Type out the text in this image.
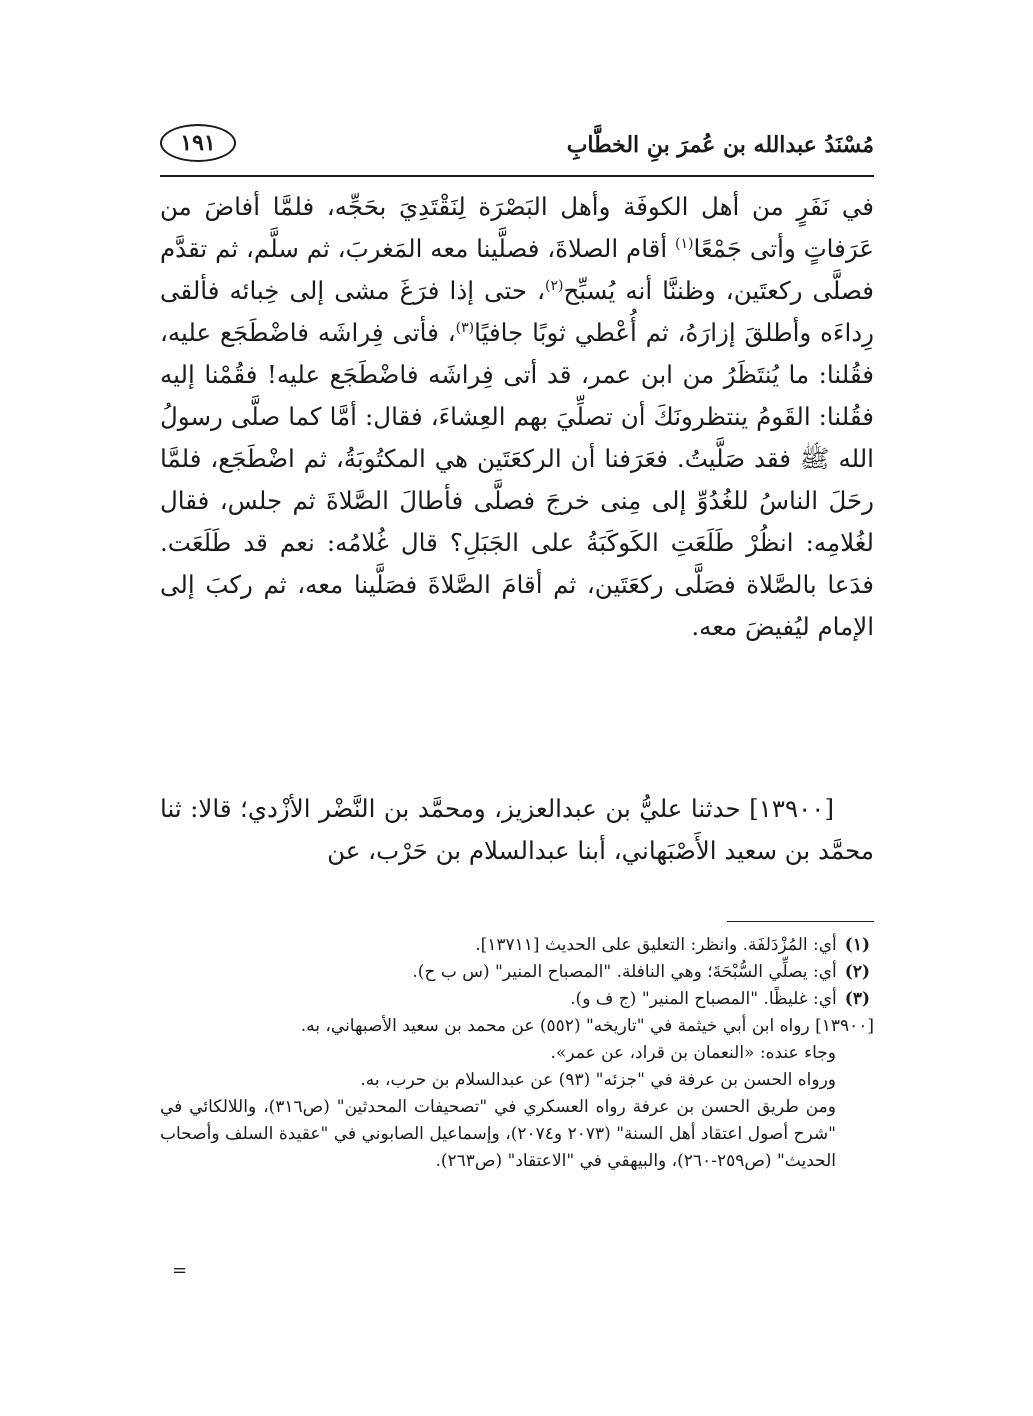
مُسْنَدُ عبدالله بن عُمرَ بنِ الخطَّابِ
١٩١

في نَفَرٍ من أهل الكوفَة وأهل البَصْرَة لِنَقْتَدِيَ بحَجِّه، فلمَّا أفاضَ من عَرَفاتٍ وأتى جَمْعًا$^{(١)}$ أقام الصلاةَ، فصلَّينا معه المَغربَ، ثم سلَّم، ثم تقدَّم فصلَّى ركعتَين، وظننَّا أنه يُسبِّح$^{(٢)}$، حتى إذا فرَغَ مشى إلى خِبائه فألقى رِداءَه وأطلقَ إزارَهُ، ثم أُعْطي ثوبًا جافيًا$^{(٣)}$، فأتى فِراشَه فاضْطَجَع عليه، فقُلنا: ما يُنتَظَرُ من ابن عمر، قد أتى فِراشَه فاضْطَجَع عليه! فقُمْنا إليه فقُلنا: القَومُ ينتظرونَكَ أن تصلِّيَ بهم العِشاءَ، فقال: أمَّا كما صلَّى رسولُ الله ﷺ فقد صَلَّيتُ. فعَرَفنا أن الركعَتَين هي المكتُوبَةُ، ثم اضْطَجَع، فلمَّا رحَلَ الناسُ للغُدُوِّ إلى مِنى خرجَ فصلَّى فأطالَ الصَّلاةَ ثم جلس، فقال لغُلامِه: انظُرْ طَلَعَتِ الكَوكَبَةُ على الجَبَلِ؟ قال غُلامُه: نعم قد طَلَعَت. فدَعا بالصَّلاة فصَلَّى ركعَتَين، ثم أقامَ الصَّلاةَ فصَلَّينا معه، ثم ركبَ إلى الإمام ليُفيضَ معه.

[١٣٩٠٠] حدثنا عليُّ بن عبدالعزيز، ومحمَّد بن النَّضْر الأزْدي؛ قالا: ثنا محمَّد بن سعيد الأَصْبَهاني، أبنا عبدالسلام بن حَرْب، عن

(١)أي: المُزْدَلفَة. وانظر: التعليق على الحديث [١٣٧١١].

(٢)أي: يصلِّي السُّبْحَةَ؛ وهي النافلة. "المصباح المنير" (س ب ح).

(٣)أي: غليظًا. "المصباح المنير" (ج ف و).

[١٣٩٠٠] رواه ابن أبي خيثمة في "تاريخه" (٥٥٢) عن محمد بن سعيد الأصبهاني، به.

وجاء عنده: «النعمان بن قراد، عن عمر».

ورواه الحسن بن عرفة في "جزئه" (٩٣) عن عبدالسلام بن حرب، به.

ومن طريق الحسن بن عرفة رواه العسكري في "تصحيفات المحدثين" (ص٣١٦)، واللالكائي في "شرح أصول اعتقاد أهل السنة" (٢٠٧٣ و٢٠٧٤)، وإسماعيل الصابوني في "عقيدة السلف وأصحاب الحديث" (ص٢٥٩-٢٦٠)، والبيهقي في "الاعتقاد" (ص٢٦٣).

=
